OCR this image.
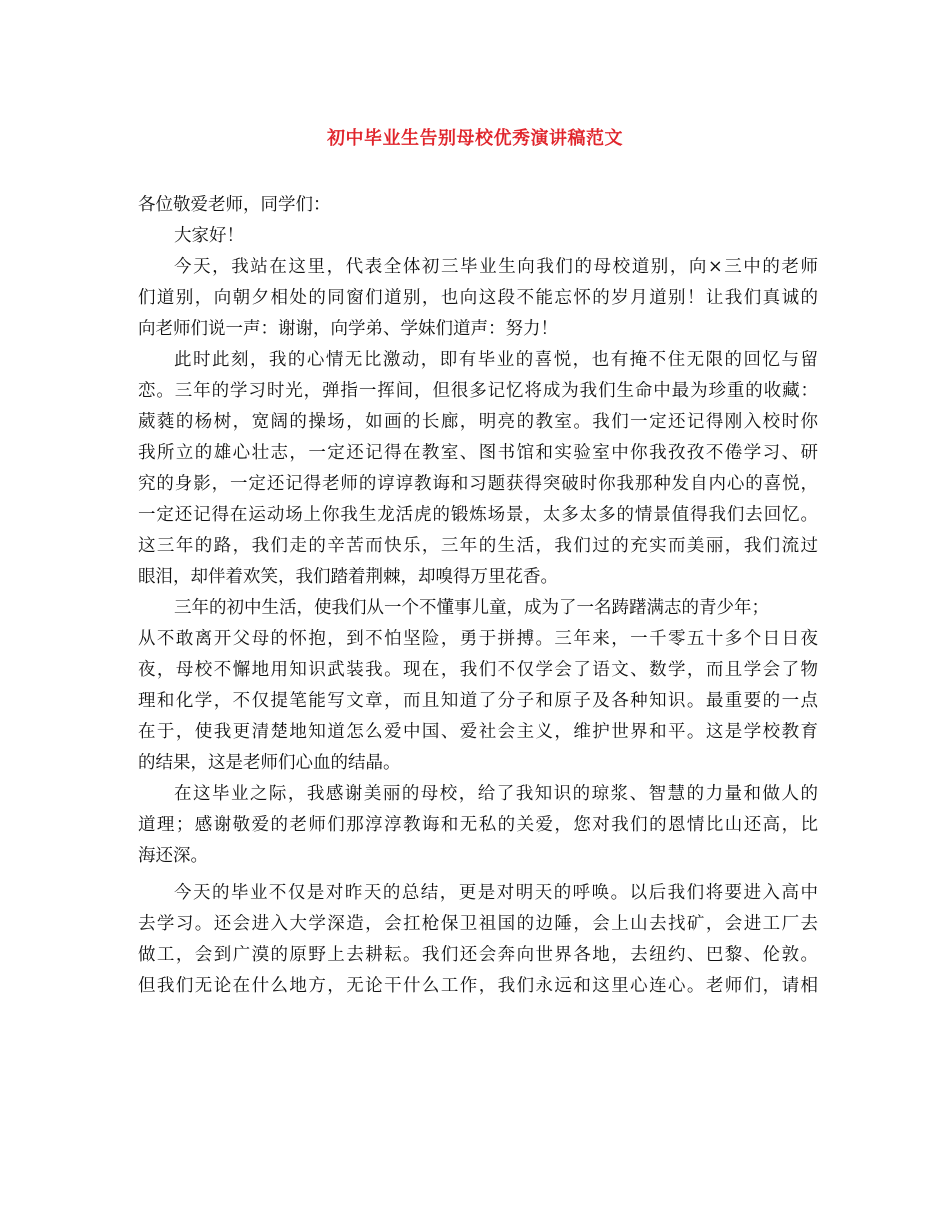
初中毕业生告别母校优秀演讲稿范文
各位敬爱老师，同学们：
大家好！
今天，我站在这里，代表全体初三毕业生向我们的母校道别，向×三中的老师
们道别，向朝夕相处的同窗们道别，也向这段不能忘怀的岁月道别！让我们真诚的
向老师们说一声：谢谢，向学弟、学妹们道声：努力！
此时此刻，我的心情无比激动，即有毕业的喜悦，也有掩不住无限的回忆与留
恋。三年的学习时光，弹指一挥间，但很多记忆将成为我们生命中最为珍重的收藏：
葳蕤的杨树，宽阔的操场，如画的长廊，明亮的教室。我们一定还记得刚入校时你
我所立的雄心壮志，一定还记得在教室、图书馆和实验室中你我孜孜不倦学习、研
究的身影，一定还记得老师的谆谆教诲和习题获得突破时你我那种发自内心的喜悦，
一定还记得在运动场上你我生龙活虎的锻炼场景，太多太多的情景值得我们去回忆。
这三年的路，我们走的辛苦而快乐，三年的生活，我们过的充实而美丽，我们流过
眼泪，却伴着欢笑，我们踏着荆棘，却嗅得万里花香。
三年的初中生活，使我们从一个不懂事儿童，成为了一名踌躇满志的青少年；
从不敢离开父母的怀抱，到不怕坚险，勇于拼搏。三年来，一千零五十多个日日夜
夜，母校不懈地用知识武装我。现在，我们不仅学会了语文、数学，而且学会了物
理和化学，不仅提笔能写文章，而且知道了分子和原子及各种知识。最重要的一点
在于，使我更清楚地知道怎么爱中国、爱社会主义，维护世界和平。这是学校教育
的结果，这是老师们心血的结晶。
在这毕业之际，我感谢美丽的母校，给了我知识的琼浆、智慧的力量和做人的
道理；感谢敬爱的老师们那淳淳教诲和无私的关爱，您对我们的恩情比山还高，比
海还深。
今天的毕业不仅是对昨天的总结，更是对明天的呼唤。以后我们将要进入高中
去学习。还会进入大学深造，会扛枪保卫祖国的边陲，会上山去找矿，会进工厂去
做工，会到广漠的原野上去耕耘。我们还会奔向世界各地，去纽约、巴黎、伦敦。
但我们无论在什么地方，无论干什么工作，我们永远和这里心连心。老师们，请相
